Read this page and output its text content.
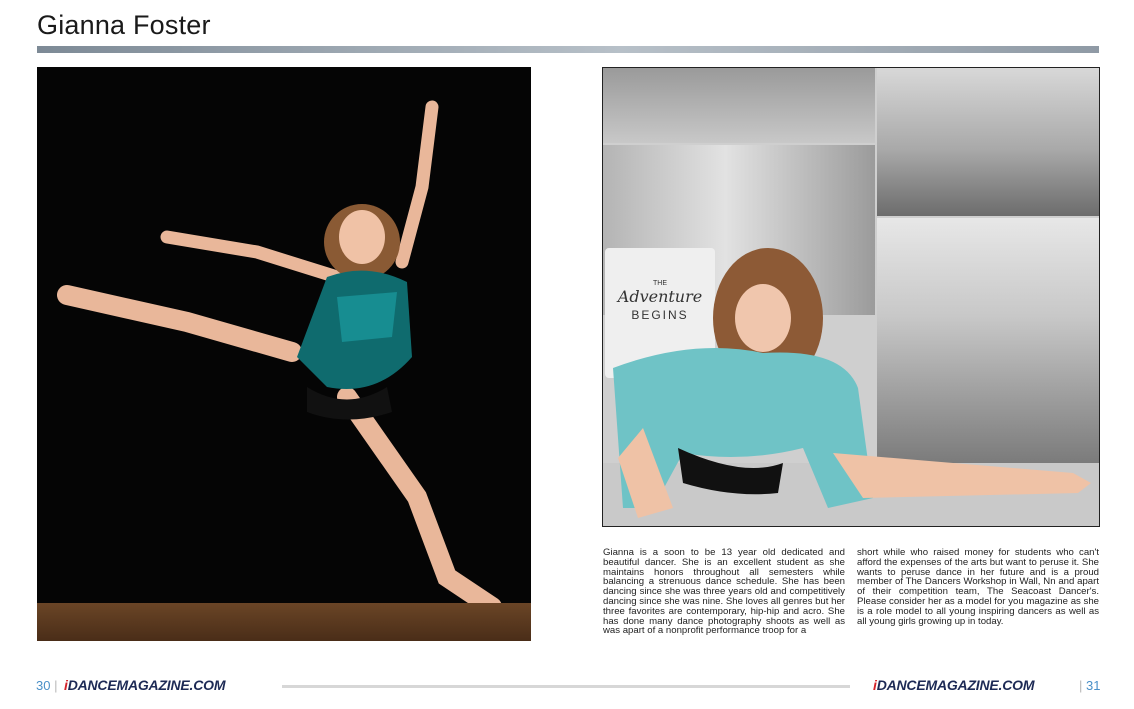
Gianna Foster
THE
Adventure
BEGINS
Gianna is a soon to be 13 year old dedicated and beautiful dancer. She is an excellent student as she maintains honors throughout all semesters while balancing a strenuous dance schedule. She has been dancing since she was three years old and competitively dancing since she was nine. She loves all genres but her three favorites are contemporary, hip-hip and acro. She has done many dance photography shoots as well as was apart of a nonprofit performance troop for a
short while who raised money for students who can't afford the expenses of the arts but want to peruse it. She wants to peruse dance in her future and is a proud member of The Dancers Workshop in Wall, Nn and apart of their competition team, The Seacoast Dancer's. Please consider her as a model for you magazine as she is a role model to all young inspiring dancers as well as all young girls growing up in today.
30 | iDANCEMAGAZINE.COM	iDANCEMAGAZINE.COM	| 31
